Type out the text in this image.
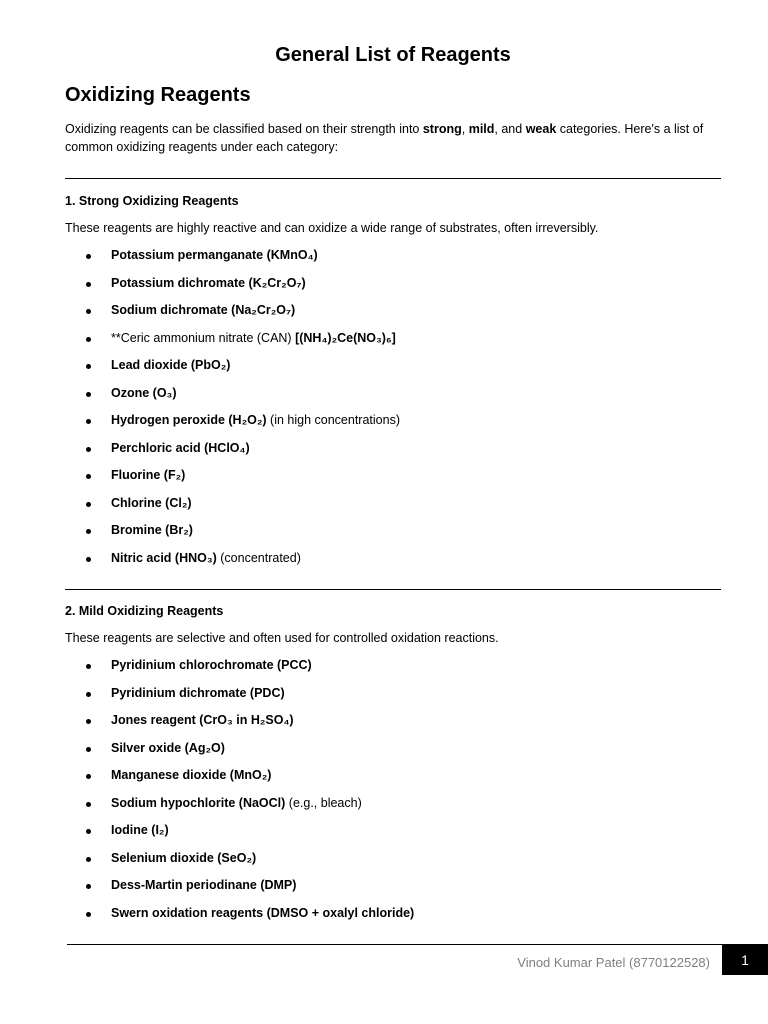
General List of Reagents
Oxidizing Reagents

Oxidizing reagents can be classified based on their strength into strong, mild, and weak categories. Here's a list of common oxidizing reagents under each category:

1. Strong Oxidizing Reagents

These reagents are highly reactive and can oxidize a wide range of substrates, often irreversibly.

Potassium permanganate (KMnO₄)
Potassium dichromate (K₂Cr₂O₇)
Sodium dichromate (Na₂Cr₂O₇)
**Ceric ammonium nitrate (CAN) [(NH₄)₂Ce(NO₃)₆]
Lead dioxide (PbO₂)
Ozone (O₃)
Hydrogen peroxide (H₂O₂) (in high concentrations)
Perchloric acid (HClO₄)
Fluorine (F₂)
Chlorine (Cl₂)
Bromine (Br₂)
Nitric acid (HNO₃) (concentrated)
2. Mild Oxidizing Reagents

These reagents are selective and often used for controlled oxidation reactions.

Pyridinium chlorochromate (PCC)
Pyridinium dichromate (PDC)
Jones reagent (CrO₃ in H₂SO₄)
Silver oxide (Ag₂O)
Manganese dioxide (MnO₂)
Sodium hypochlorite (NaOCl) (e.g., bleach)
Iodine (I₂)
Selenium dioxide (SeO₂)
Dess-Martin periodinane (DMP)
Swern oxidation reagents (DMSO + oxalyl chloride)

Vinod Kumar Patel (8770122528)	1
